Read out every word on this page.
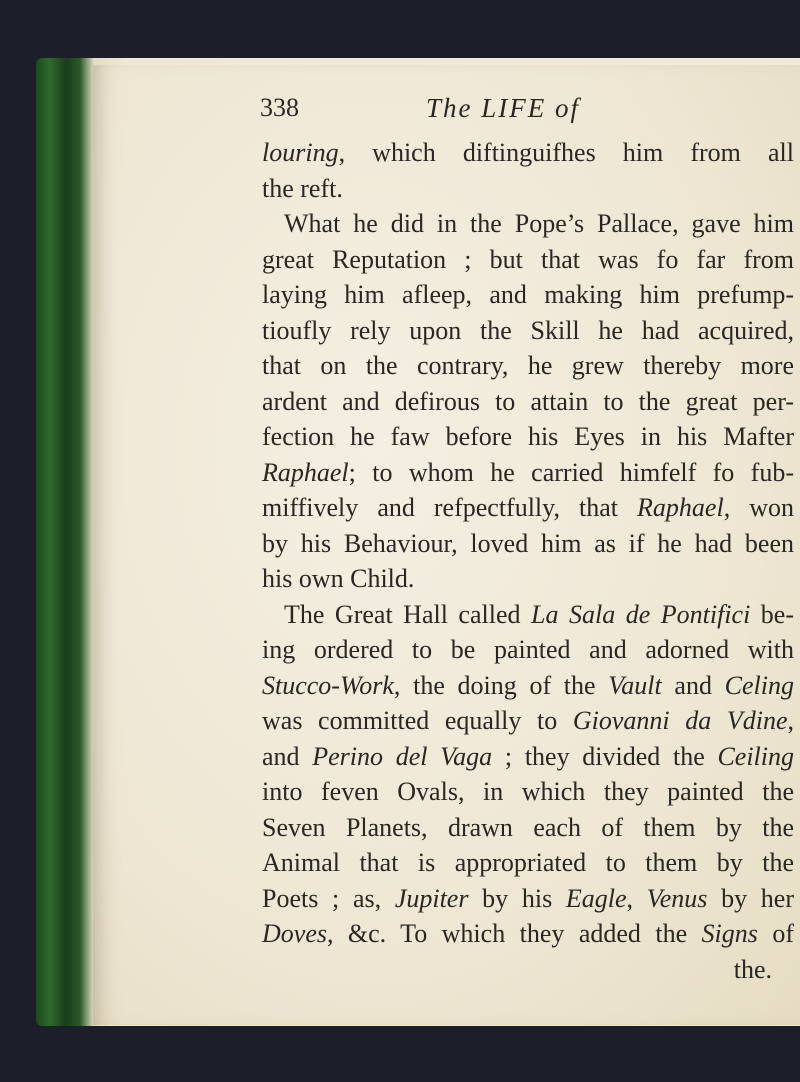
338	The LIFE of
louring, which diftinguifhes him from all
the reft.
What he did in the Pope’s Pallace, gave him
great Reputation ; but that was fo far from
laying him afleep, and making him prefump-
tioufly rely upon the Skill he had acquired,
that on the contrary, he grew thereby more
ardent and defirous to attain to the great per-
fection he faw before his Eyes in his Mafter
Raphael; to whom he carried himfelf fo fub-
miffively and refpectfully, that Raphael, won
by his Behaviour, loved him as if he had been
his own Child.
The Great Hall called La Sala de Pontifici be-
ing ordered to be painted and adorned with
Stucco-Work, the doing of the Vault and Celing
was committed equally to Giovanni da Vdine,
and Perino del Vaga ; they divided the Ceiling
into feven Ovals, in which they painted the
Seven Planets, drawn each of them by the
Animal that is appropriated to them by the
Poets ; as, Jupiter by his Eagle, Venus by her
Doves, &c. To which they added the Signs of
the.
